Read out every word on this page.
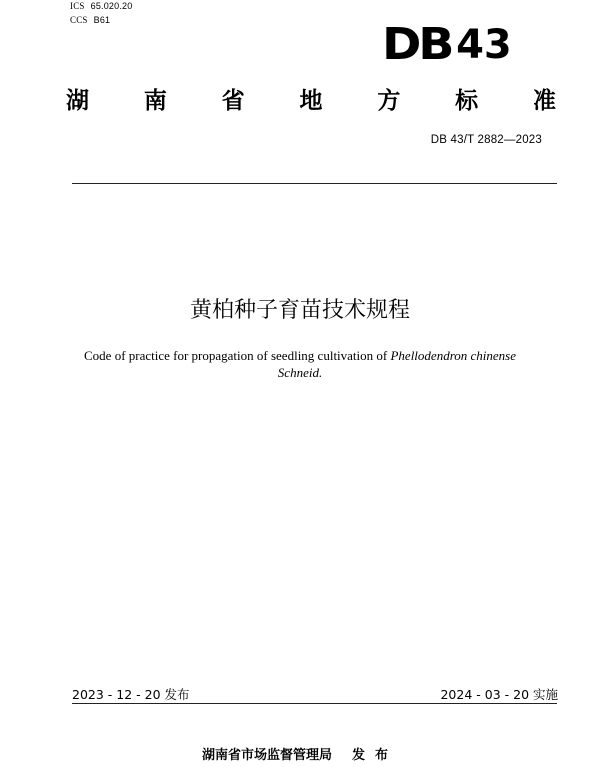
ICS 65.020.20
CCS B61	DB 43
湖 南 省 地 方 标 准
DB 43/T 2882—2023
黄柏种子育苗技术规程
Code of practice for propagation of seedling cultivation of Phellodendron chinense
Schneid.
2023 - 12 - 20 发布	2024 - 03 - 20 实施
湖南省市场监督管理局 发布
